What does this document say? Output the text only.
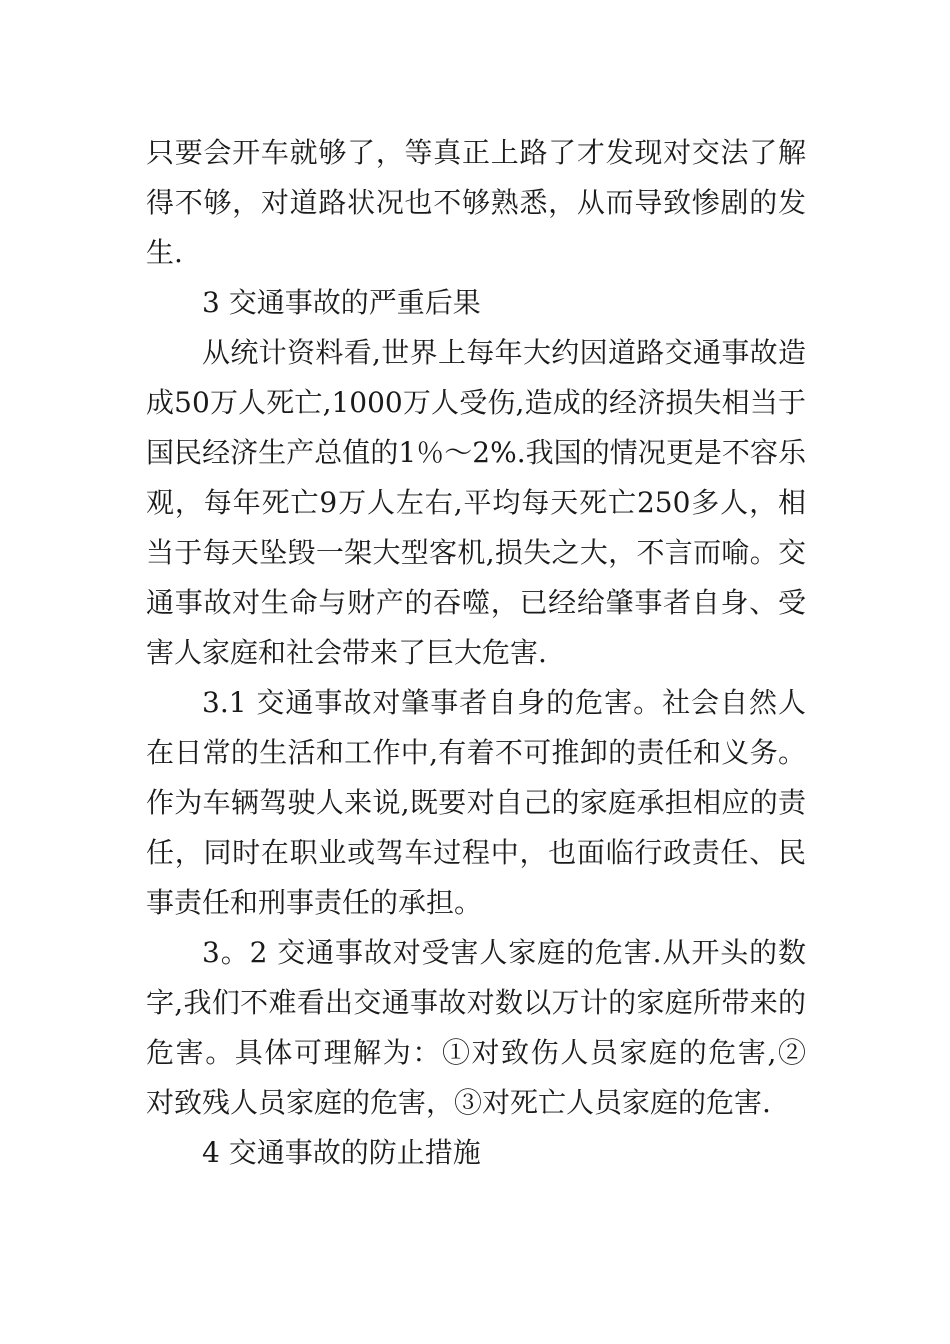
只要会开车就够了，等真正上路了才发现对交法了解得不够，对道路状况也不够熟悉，从而导致惨剧的发生.

3 交通事故的严重后果

从统计资料看,世界上每年大约因道路交通事故造成50万人死亡,1000万人受伤,造成的经济损失相当于国民经济生产总值的1％～2%.我国的情况更是不容乐观，每年死亡9万人左右,平均每天死亡250多人，相当于每天坠毁一架大型客机,损失之大，不言而喻。交通事故对生命与财产的吞噬，已经给肇事者自身、受害人家庭和社会带来了巨大危害.

3.1 交通事故对肇事者自身的危害。社会自然人在日常的生活和工作中,有着不可推卸的责任和义务。作为车辆驾驶人来说,既要对自己的家庭承担相应的责任，同时在职业或驾车过程中，也面临行政责任、民事责任和刑事责任的承担。

3。2 交通事故对受害人家庭的危害.从开头的数字,我们不难看出交通事故对数以万计的家庭所带来的危害。具体可理解为：①对致伤人员家庭的危害,② 对致残人员家庭的危害，③对死亡人员家庭的危害.

4 交通事故的防止措施
